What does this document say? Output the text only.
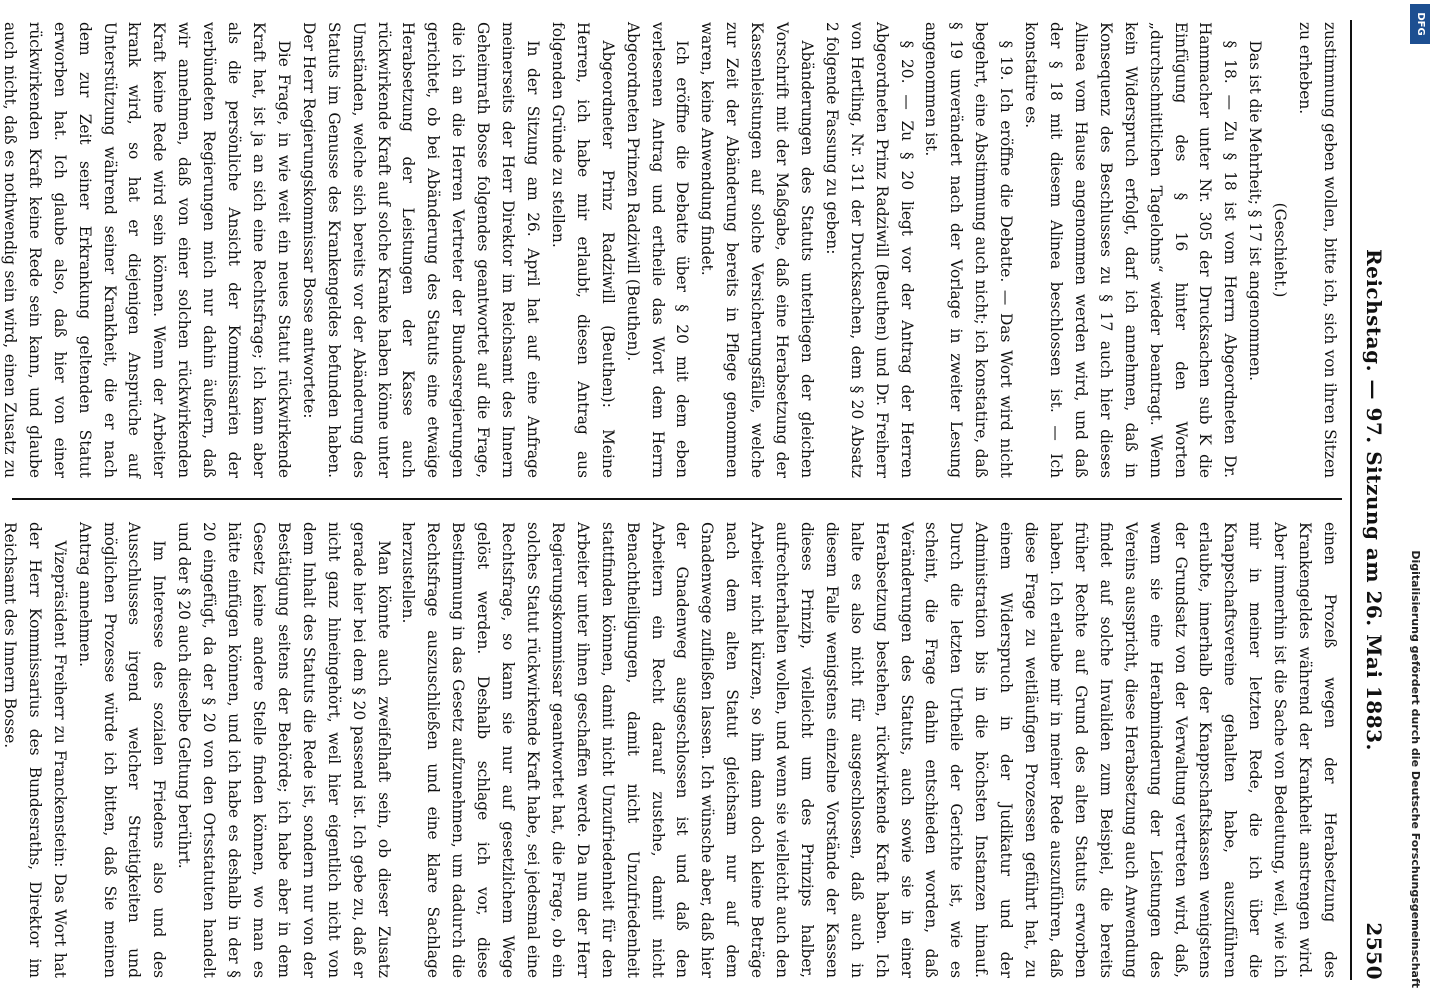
Reichstag. — 97. Sitzung am 26. Mai 1883.
2550

zustimmung geben wollen, bitte ich, sich von ihren Sitzen zu erheben.

(Geschieht.)

Das ist die Mehrheit; § 17 ist angenommen.

§ 18. — Zu § 18 ist vom Herrn Abgeordneten Dr. Hammacher unter Nr. 305 der Drucksachen sub K die Einfügung des § 16 hinter den Worten „durchschnittlichen Tagelohns“ wieder beantragt. Wenn kein Widerspruch erfolgt, darf ich annehmen, daß in Konsequenz des Beschlusses zu § 17 auch hier dieses Alinea vom Hause angenommen werden wird, und daß der § 18 mit diesem Alinea beschlossen ist. — Ich konstatire es.

§ 19. Ich eröffne die Debatte. — Das Wort wird nicht begehrt, eine Abstimmung auch nicht; ich konstatire, daß § 19 unverändert nach der Vorlage in zweiter Lesung angenommen ist.

§ 20. — Zu § 20 liegt vor der Antrag der Herren Abgeordneten Prinz Radziwill (Beuthen) und Dr. Freiherr von Hertling, Nr. 311 der Drucksachen, dem § 20 Absatz 2 folgende Fassung zu geben:

Abänderungen des Statuts unterliegen der gleichen Vorschrift mit der Maßgabe, daß eine Herabsetzung der Kassenleistungen auf solche Versicherungsfälle, welche zur Zeit der Abänderung bereits in Pflege genommen waren, keine Anwendung findet.

Ich eröffne die Debatte über § 20 mit dem eben verlesenen Antrag und ertheile das Wort dem Herrn Abgeordneten Prinzen Radziwill (Beuthen).

Abgeordneter Prinz Radziwill (Beuthen): Meine Herren, ich habe mir erlaubt, diesen Antrag aus folgenden Gründe zu stellen.

In der Sitzung am 26. April hat auf eine Anfrage meinerseits der Herr Direktor im Reichsamt des Innern Geheimrath Bosse folgendes geantwortet auf die Frage, die ich an die Herren Vertreter der Bundesregierungen gerichtet, ob bei Abänderung des Statuts eine etwaige Herabsetzung der Leistungen der Kasse auch rückwirkende Kraft auf solche Kranke haben könne unter Umständen, welche sich bereits vor der Abänderung des Statuts im Genusse des Krankengeldes befunden haben. Der Herr Regierungskommissar Bosse antwortete:

Die Frage, in wie weit ein neues Statut rückwirkende Kraft hat, ist ja an sich eine Rechtsfrage; ich kann aber als die persönliche Ansicht der Kommissarien der verbündeten Regierungen mich nur dahin äußern, daß wir annehmen, daß von einer solchen rückwirkenden Kraft keine Rede wird sein können. Wenn der Arbeiter krank wird, so hat er diejenigen Ansprüche auf Unterstützung während seiner Krankheit, die er nach dem zur Zeit seiner Erkrankung geltenden Statut erworben hat. Ich glaube also, daß hier von einer rückwirkenden Kraft keine Rede sein kann, und glaube auch nicht, daß es nothwendig sein wird, einen Zusatz zu

einen Prozeß wegen der Herabsetzung des Krankengeldes während der Krankheit anstrengen wird. Aber immerhin ist die Sache von Bedeutung, weil, wie ich mir in meiner letzten Rede, die ich über die Knappschaftsvereine gehalten habe, auszuführen erlaubte, innerhalb der Knappschaftskassen wenigstens der Grundsatz von der Verwaltung vertreten wird, daß, wenn sie eine Herabminderung der Leistungen des Vereins ausspricht, diese Herabsetzung auch Anwendung findet auf solche Invaliden zum Beispiel, die bereits früher Rechte auf Grund des alten Statuts erworben haben. Ich erlaube mir in meiner Rede auszuführen, daß diese Frage zu weitläufigen Prozessen geführt hat, zu einem Widerspruch in der Judikatur und der Administration bis in die höchsten Instanzen hinauf. Durch die letzten Urtheile der Gerichte ist, wie es scheint, die Frage dahin entschieden worden, daß Veränderungen des Statuts, auch sowie sie in einer Herabsetzung bestehen, rückwirkende Kraft haben. Ich halte es also nicht für ausgeschlossen, daß auch in diesem Falle wenigstens einzelne Vorstände der Kassen dieses Prinzip, vielleicht um des Prinzips halber, aufrechterhalten wollen, und wenn sie vielleicht auch den Arbeiter nicht kürzen, so ihm dann doch kleine Beträge nach dem alten Statut gleichsam nur auf dem Gnadenwege zufließen lassen. Ich wünsche aber, daß hier der Gnadenweg ausgeschlossen ist und daß den Arbeitern ein Recht darauf zustehe, damit nicht Benachtheiligungen, damit nicht Unzufriedenheit stattfinden können, damit nicht Unzufriedenheit für den Arbeiter unter ihnen geschaffen werde. Da nun der Herr Regierungskommissar geantwortet hat, die Frage, ob ein solches Statut rückwirkende Kraft habe, sei jedesmal eine Rechtsfrage, so kann sie nur auf gesetzlichem Wege gelöst werden. Deshalb schlage ich vor, diese Bestimmung in das Gesetz aufzunehmen, um dadurch die Rechtsfrage auszuschließen und eine klare Sachlage herzustellen.

Man könnte auch zweifelhaft sein, ob dieser Zusatz gerade hier bei dem § 20 passend ist. Ich gebe zu, daß er nicht ganz hineingehört, weil hier eigentlich nicht von dem Inhalt des Statuts die Rede ist, sondern nur von der Bestätigung seitens der Behörde; ich habe aber in dem Gesetz keine andere Stelle finden können, wo man es hätte einfügen können, und ich habe es deshalb in der § 20 eingefügt, da der § 20 von den Ortsstatuten handelt und der § 20 auch dieselbe Geltung berührt.

Im Interesse des sozialen Friedens also und des Ausschlusses irgend welcher Streitigkeiten und möglichen Prozesse würde ich bitten, daß Sie meinen Antrag annehmen.

Vizepräsident Freiherr zu Franckenstein: Das Wort hat der Herr Kommissarius des Bundesraths, Direktor im Reichsamt des Innern Bosse.	Digitalisierung gefördert durch die Deutsche Forschungsgemeinschaft
DFG
